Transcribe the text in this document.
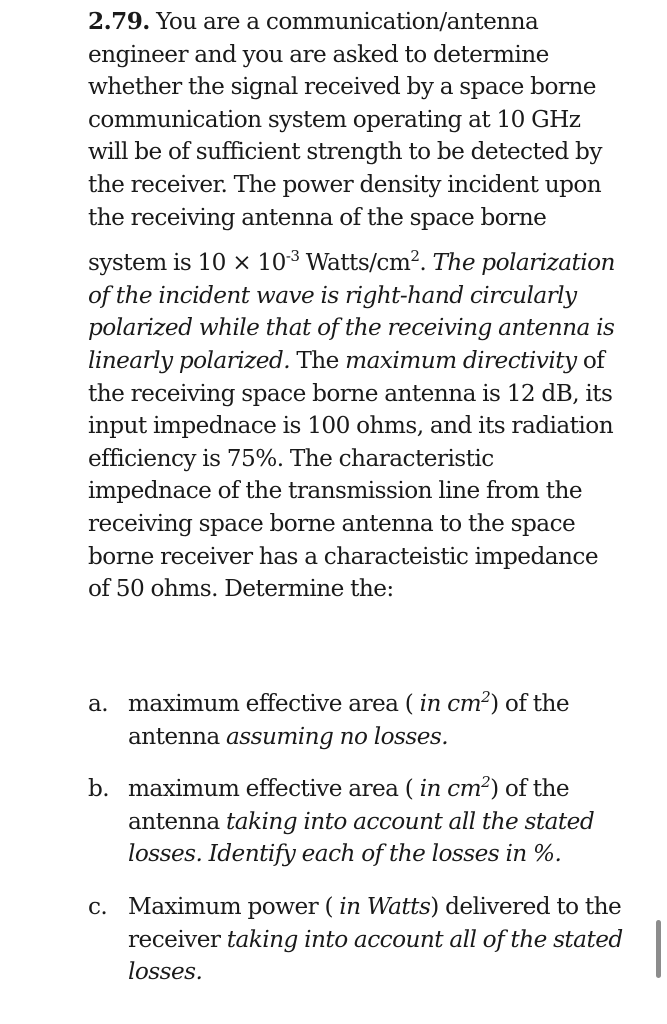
2.79. You are a communication/antenna engineer and you are asked to determine whether the signal received by a space borne communication system operating at 10 GHz will be of sufficient strength to be detected by the receiver. The power density incident upon the receiving antenna of the space borne system is $10 \times 10^{-3}$ Watts/$cm^2$. The polarization of the incident wave is right-hand circularly polarized while that of the receiving antenna is linearly polarized. The maximum directivity of the receiving space borne antenna is 12 dB, its input impednace is 100 ohms, and its radiation efficiency is 75%. The characteristic impednace of the transmission line from the receiving space borne antenna to the space borne receiver has a characteistic impedance of 50 ohms. Determine the:
a. maximum effective area ( in $cm^2$) of the antenna assuming no losses.
b. maximum effective area ( in $cm^2$) of the antenna taking into account all the stated losses. Identify each of the losses in %.
c. Maximum power ( in Watts) delivered to the receiver taking into account all of the stated losses.
